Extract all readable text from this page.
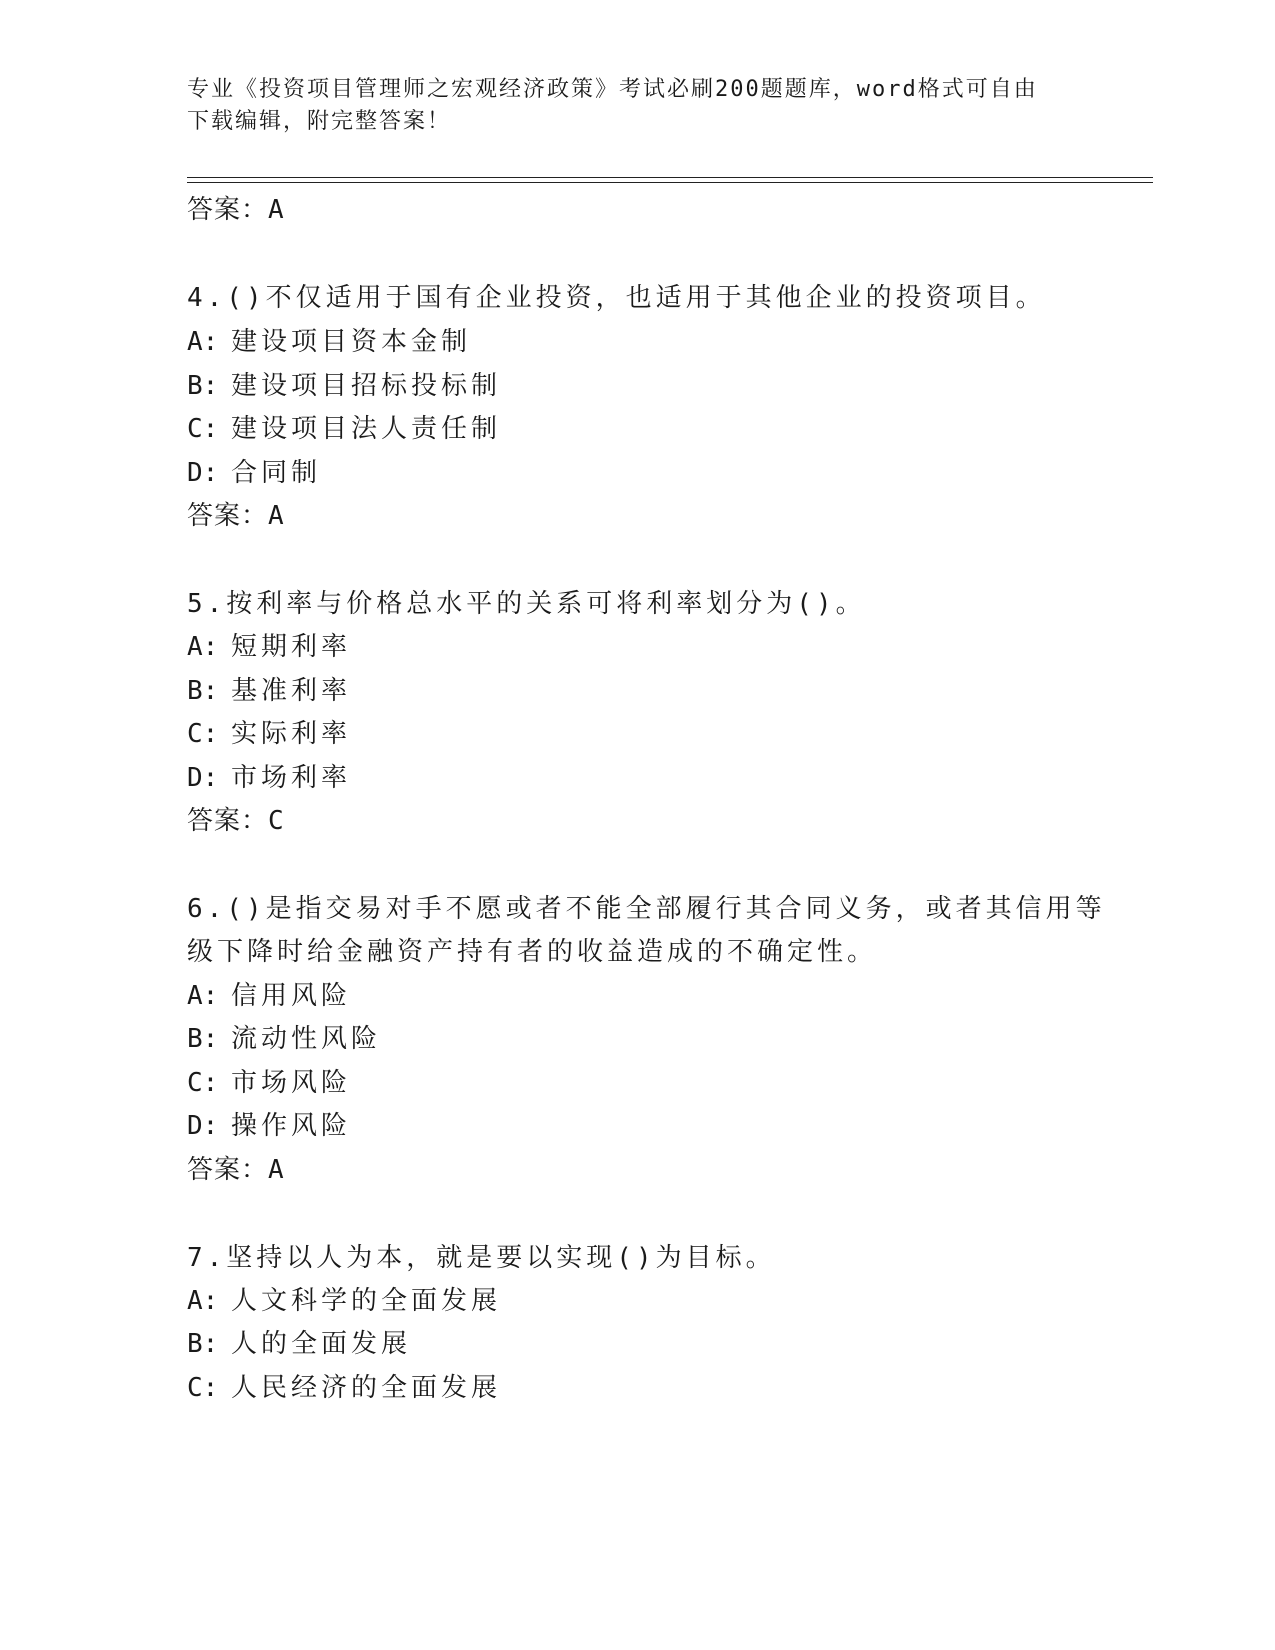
专业《投资项目管理师之宏观经济政策》考试必刷200题题库，word格式可自由
下载编辑，附完整答案！
答案：A
4.()不仅适用于国有企业投资，也适用于其他企业的投资项目。
A: 建设项目资本金制
B: 建设项目招标投标制
C: 建设项目法人责任制
D: 合同制
答案：A
5.按利率与价格总水平的关系可将利率划分为()。
A: 短期利率
B: 基准利率
C: 实际利率
D: 市场利率
答案：C
6.()是指交易对手不愿或者不能全部履行其合同义务，或者其信用等
级下降时给金融资产持有者的收益造成的不确定性。
A: 信用风险
B: 流动性风险
C: 市场风险
D: 操作风险
答案：A
7.坚持以人为本，就是要以实现()为目标。
A: 人文科学的全面发展
B: 人的全面发展
C: 人民经济的全面发展
